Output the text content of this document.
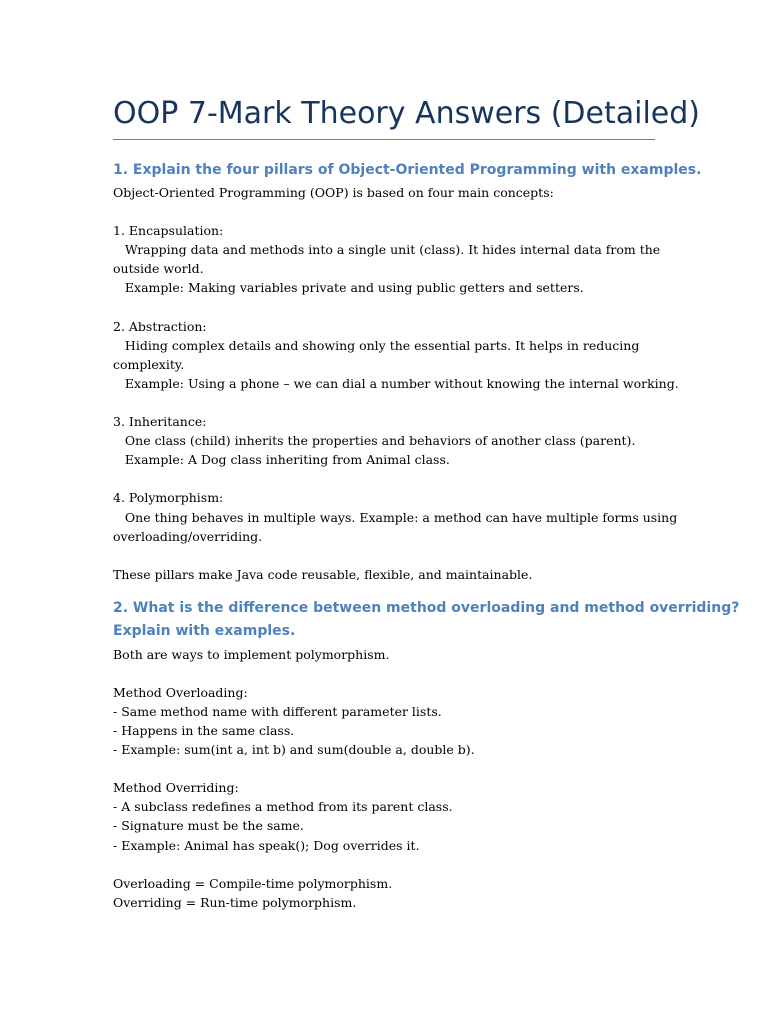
OOP 7-Mark Theory Answers (Detailed)
1. Explain the four pillars of Object-Oriented Programming with examples.
Object-Oriented Programming (OOP) is based on four main concepts:
1. Encapsulation:
Wrapping data and methods into a single unit (class). It hides internal data from the
outside world.
Example: Making variables private and using public getters and setters.
2. Abstraction:
Hiding complex details and showing only the essential parts. It helps in reducing
complexity.
Example: Using a phone – we can dial a number without knowing the internal working.
3. Inheritance:
One class (child) inherits the properties and behaviors of another class (parent).
Example: A Dog class inheriting from Animal class.
4. Polymorphism:
One thing behaves in multiple ways. Example: a method can have multiple forms using
overloading/overriding.
These pillars make Java code reusable, flexible, and maintainable.
2. What is the difference between method overloading and method overriding?
Explain with examples.
Both are ways to implement polymorphism.
Method Overloading:
- Same method name with different parameter lists.
- Happens in the same class.
- Example: sum(int a, int b) and sum(double a, double b).
Method Overriding:
- A subclass redefines a method from its parent class.
- Signature must be the same.
- Example: Animal has speak(); Dog overrides it.
Overloading = Compile-time polymorphism.
Overriding = Run-time polymorphism.
